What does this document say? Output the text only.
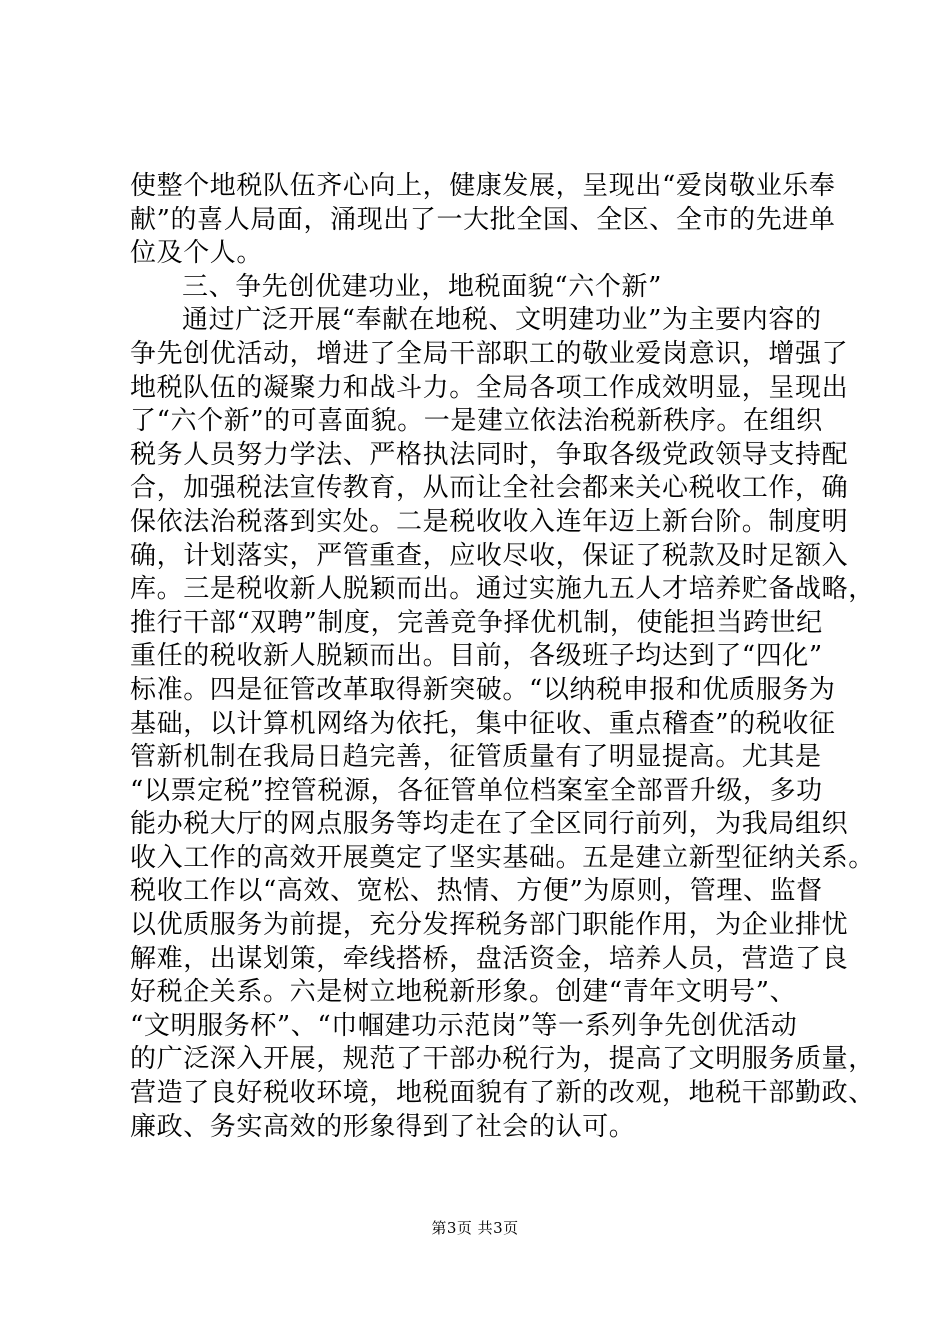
使整个地税队伍齐心向上，健康发展，呈现出“爱岗敬业乐奉
献”的喜人局面，涌现出了一大批全国、全区、全市的先进单
位及个人。
三、争先创优建功业，地税面貌“六个新”
通过广泛开展“奉献在地税、文明建功业”为主要内容的
争先创优活动，增进了全局干部职工的敬业爱岗意识，增强了
地税队伍的凝聚力和战斗力。全局各项工作成效明显，呈现出
了“六个新”的可喜面貌。一是建立依法治税新秩序。在组织
税务人员努力学法、严格执法同时，争取各级党政领导支持配
合，加强税法宣传教育，从而让全社会都来关心税收工作，确
保依法治税落到实处。二是税收收入连年迈上新台阶。制度明
确，计划落实，严管重查，应收尽收，保证了税款及时足额入
库。三是税收新人脱颖而出。通过实施九五人才培养贮备战略，
推行干部“双聘”制度，完善竞争择优机制，使能担当跨世纪
重任的税收新人脱颖而出。目前，各级班子均达到了“四化”
标准。四是征管改革取得新突破。“以纳税申报和优质服务为
基础，以计算机网络为依托，集中征收、重点稽查”的税收征
管新机制在我局日趋完善，征管质量有了明显提高。尤其是
“以票定税”控管税源，各征管单位档案室全部晋升级，多功
能办税大厅的网点服务等均走在了全区同行前列，为我局组织
收入工作的高效开展奠定了坚实基础。五是建立新型征纳关系。
税收工作以“高效、宽松、热情、方便”为原则，管理、监督
以优质服务为前提，充分发挥税务部门职能作用，为企业排忧
解难，出谋划策，牵线搭桥，盘活资金，培养人员，营造了良
好税企关系。六是树立地税新形象。创建“青年文明号”、
“文明服务杯”、“巾帼建功示范岗”等一系列争先创优活动
的广泛深入开展，规范了干部办税行为，提高了文明服务质量，
营造了良好税收环境，地税面貌有了新的改观，地税干部勤政、
廉政、务实高效的形象得到了社会的认可。
第3页 共3页
